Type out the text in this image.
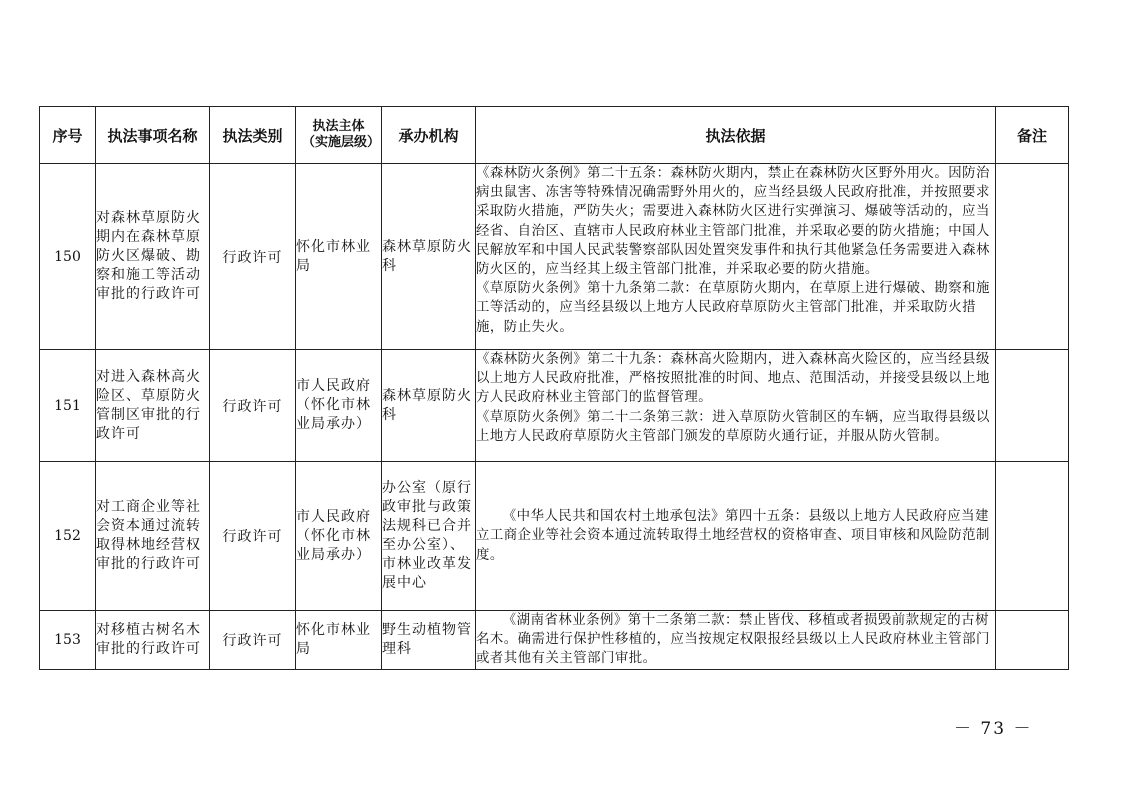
序号	执法事项名称	执法类别	执法主体（实施层级）	承办机构	执法依据	备注
150	对森林草原防火期内在森林草原防火区爆破、勘察和施工等活动审批的行政许可	行政许可	怀化市林业局	森林草原防火科	《森林防火条例》第二十五条：森林防火期内，禁止在森林防火区野外用火。因防治病虫鼠害、冻害等特殊情况确需野外用火的，应当经县级人民政府批准，并按照要求采取防火措施，严防失火；需要进入森林防火区进行实弹演习、爆破等活动的，应当经省、自治区、直辖市人民政府林业主管部门批准，并采取必要的防火措施；中国人民解放军和中国人民武装警察部队因处置突发事件和执行其他紧急任务需要进入森林防火区的，应当经其上级主管部门批准，并采取必要的防火措施。

《草原防火条例》第十九条第二款：在草原防火期内，在草原上进行爆破、勘察和施工等活动的，应当经县级以上地方人民政府草原防火主管部门批准，并采取防火措施，防止失火。	

151	对进入森林高火险区、草原防火管制区审批的行政许可	行政许可	市人民政府（怀化市林业局承办）	森林草原防火科	《森林防火条例》第二十九条：森林高火险期内，进入森林高火险区的，应当经县级以上地方人民政府批准，严格按照批准的时间、地点、范围活动，并接受县级以上地方人民政府林业主管部门的监督管理。

《草原防火条例》第二十二条第三款：进入草原防火管制区的车辆，应当取得县级以上地方人民政府草原防火主管部门颁发的草原防火通行证，并服从防火管制。	

152	对工商企业等社会资本通过流转取得林地经营权审批的行政许可	行政许可	市人民政府（怀化市林业局承办）	办公室（原行政审批与政策法规科已合并至办公室）、市林业改革发展中心	《中华人民共和国农村土地承包法》第四十五条：县级以上地方人民政府应当建立工商企业等社会资本通过流转取得土地经营权的资格审查、项目审核和风险防范制度。	

153	对移植古树名木审批的行政许可	行政许可	怀化市林业局	野生动植物管理科	《湖南省林业条例》第十二条第二款：禁止皆伐、移植或者损毁前款规定的古树名木。确需进行保护性移植的，应当按规定权限报经县级以上人民政府林业主管部门或者其他有关主管部门审批。	

－ 73 －
